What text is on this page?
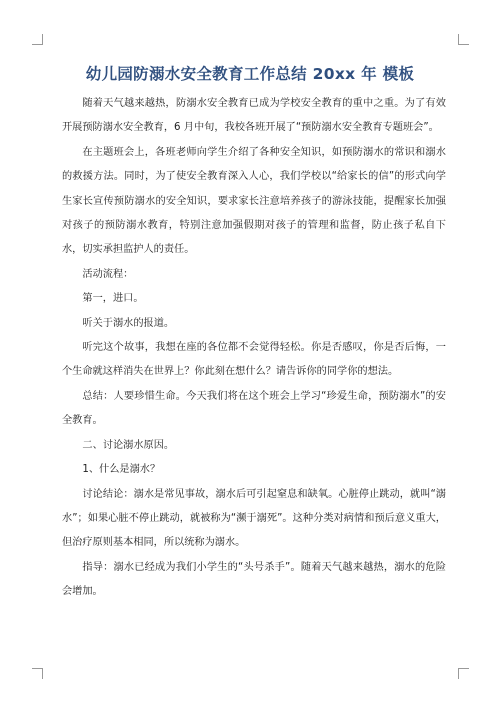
幼儿园防溺水安全教育工作总结 20xx 年 模板

随着天气越来越热，防溺水安全教育已成为学校安全教育的重中之重。为了有效开展预防溺水安全教育，6 月中旬，我校各班开展了“预防溺水安全教育专题班会”。

在主题班会上，各班老师向学生介绍了各种安全知识，如预防溺水的常识和溺水的救援方法。同时，为了使安全教育深入人心，我们学校以“给家长的信”的形式向学生家长宣传预防溺水的安全知识，要求家长注意培养孩子的游泳技能，提醒家长加强对孩子的预防溺水教育，特别注意加强假期对孩子的管理和监督，防止孩子私自下水，切实承担监护人的责任。

活动流程：

第一，进口。

听关于溺水的报道。

听完这个故事，我想在座的各位都不会觉得轻松。你是否感叹，你是否后悔，一个生命就这样消失在世界上？你此刻在想什么？请告诉你的同学你的想法。

总结：人要珍惜生命。今天我们将在这个班会上学习“珍爱生命，预防溺水”的安全教育。

二、讨论溺水原因。

1、什么是溺水？

讨论结论：溺水是常见事故，溺水后可引起窒息和缺氧。心脏停止跳动，就叫“溺水”；如果心脏不停止跳动，就被称为“濒于溺死”。这种分类对病情和预后意义重大，但治疗原则基本相同，所以统称为溺水。

指导：溺水已经成为我们小学生的“头号杀手”。随着天气越来越热，溺水的危险会增加。
